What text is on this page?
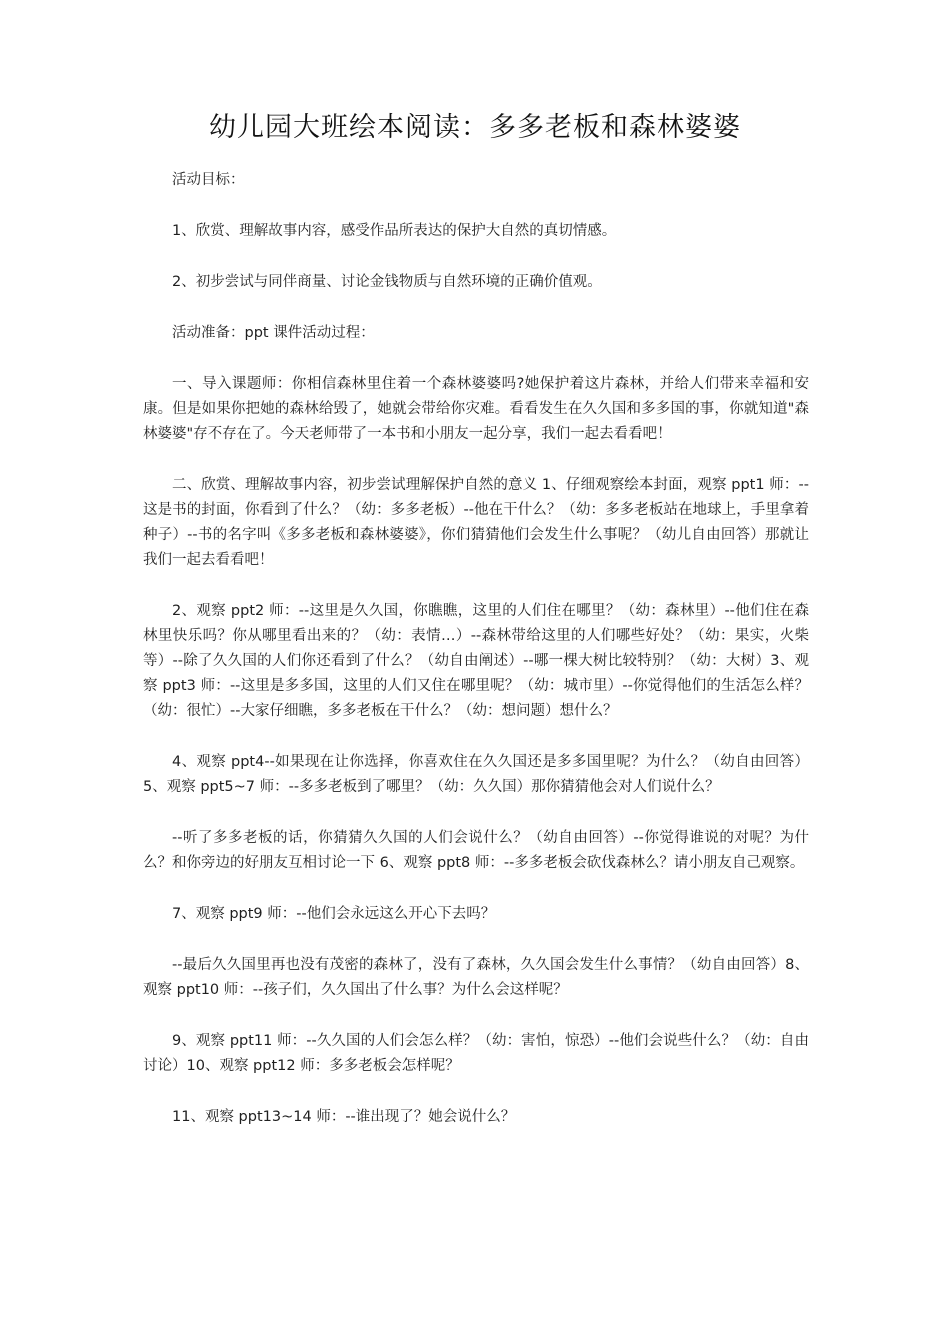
幼儿园大班绘本阅读：多多老板和森林婆婆

活动目标：

1、欣赏、理解故事内容，感受作品所表达的保护大自然的真切情感。

2、初步尝试与同伴商量、讨论金钱物质与自然环境的正确价值观。

活动准备：ppt 课件活动过程：

一、导入课题师：你相信森林里住着一个森林婆婆吗?她保护着这片森林，并给人们带来幸福和安康。但是如果你把她的森林给毁了，她就会带给你灾难。看看发生在久久国和多多国的事，你就知道"森林婆婆"存不存在了。今天老师带了一本书和小朋友一起分享，我们一起去看看吧！

二、欣赏、理解故事内容，初步尝试理解保护自然的意义 1、仔细观察绘本封面，观察 ppt1 师：--这是书的封面，你看到了什么？（幼：多多老板）--他在干什么？（幼：多多老板站在地球上，手里拿着种子）--书的名字叫《多多老板和森林婆婆》，你们猜猜他们会发生什么事呢？（幼儿自由回答）那就让我们一起去看看吧！

2、观察 ppt2 师：--这里是久久国，你瞧瞧，这里的人们住在哪里？（幼：森林里）--他们住在森林里快乐吗？你从哪里看出来的？（幼：表情…）--森林带给这里的人们哪些好处？（幼：果实，火柴等）--除了久久国的人们你还看到了什么？（幼自由阐述）--哪一棵大树比较特别？（幼：大树）3、观察 ppt3 师：--这里是多多国，这里的人们又住在哪里呢？（幼：城市里）--你觉得他们的生活怎么样？（幼：很忙）--大家仔细瞧，多多老板在干什么？（幼：想问题）想什么？

4、观察 ppt4--如果现在让你选择，你喜欢住在久久国还是多多国里呢？为什么？（幼自由回答）5、观察 ppt5~7 师：--多多老板到了哪里？（幼：久久国）那你猜猜他会对人们说什么？

--听了多多老板的话，你猜猜久久国的人们会说什么？（幼自由回答）--你觉得谁说的对呢？为什么？和你旁边的好朋友互相讨论一下 6、观察 ppt8 师：--多多老板会砍伐森林么？请小朋友自己观察。

7、观察 ppt9 师：--他们会永远这么开心下去吗？

--最后久久国里再也没有茂密的森林了，没有了森林，久久国会发生什么事情？（幼自由回答）8、观察 ppt10 师：--孩子们，久久国出了什么事？为什么会这样呢？

9、观察 ppt11 师：--久久国的人们会怎么样？（幼：害怕，惊恐）--他们会说些什么？（幼：自由讨论）10、观察 ppt12 师：多多老板会怎样呢？

11、观察 ppt13~14 师：--谁出现了？她会说什么？
